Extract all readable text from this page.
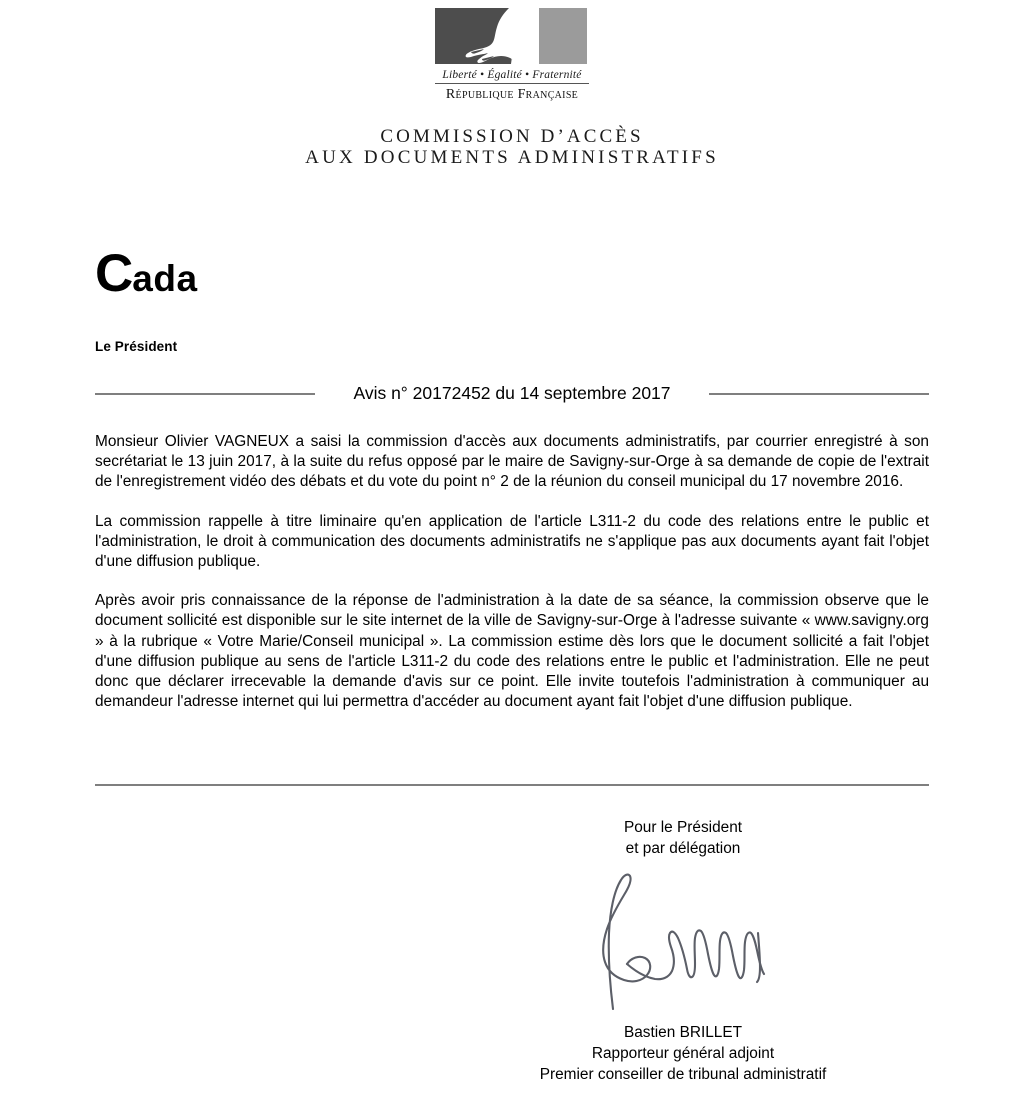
Liberté • Égalité • Fraternité
République Française
COMMISSION D’ACCÈS
AUX DOCUMENTS ADMINISTRATIFS
Cada
Le Président
Avis n° 20172452 du 14 septembre 2017

Monsieur Olivier VAGNEUX a saisi la commission d'accès aux documents administratifs, par courrier enregistré à son secrétariat le 13 juin 2017, à la suite du refus opposé par le maire de Savigny-sur-Orge à sa demande de copie de l'extrait de l'enregistrement vidéo des débats et du vote du point n° 2 de la réunion du conseil municipal du 17 novembre 2016.

La commission rappelle à titre liminaire qu'en application de l'article L311-2 du code des relations entre le public et l'administration, le droit à communication des documents administratifs ne s'applique pas aux documents ayant fait l'objet d'une diffusion publique.

Après avoir pris connaissance de la réponse de l'administration à la date de sa séance, la commission observe que le document sollicité est disponible sur le site internet de la ville de Savigny-sur-Orge à l'adresse suivante « www.savigny.org » à la rubrique « Votre Marie/Conseil municipal ». La commission estime dès lors que le document sollicité a fait l'objet d'une diffusion publique au sens de l'article L311-2 du code des relations entre le public et l'administration. Elle ne peut donc que déclarer irrecevable la demande d'avis sur ce point. Elle invite toutefois l'administration à communiquer au demandeur l'adresse internet qui lui permettra d'accéder au document ayant fait l'objet d'une diffusion publique.

Pour le Président
et par délégation
Bastien BRILLET
Rapporteur général adjoint
Premier conseiller de tribunal administratif
